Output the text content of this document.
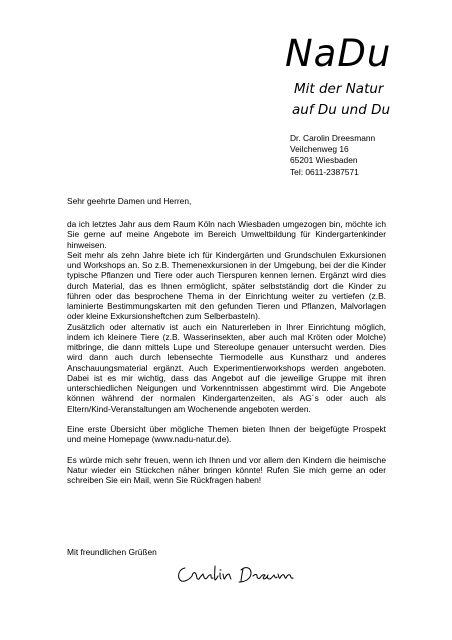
NaDu
Mit der Natur
auf Du und Du
Dr. Carolin Dreesmann
Veilchenweg 16
65201 Wiesbaden
Tel: 0611-2387571
Sehr geehrte Damen und Herren,

da ich letztes Jahr aus dem Raum Köln nach Wiesbaden umgezogen bin, möchte ich Sie gerne auf meine Angebote im Bereich Umweltbildung für Kindergartenkinder hinweisen.

Seit mehr als zehn Jahre biete ich für Kindergärten und Grundschulen Exkursionen und Workshops an. So z.B. Themenexkursionen in der Umgebung, bei der die Kinder typische Pflanzen und Tiere oder auch Tierspuren kennen lernen. Ergänzt wird dies durch Material, das es Ihnen ermöglicht, später selbstständig dort die Kinder zu führen oder das besprochene Thema in der Einrichtung weiter zu vertiefen (z.B. laminierte Bestimmungskarten mit den gefunden Tieren und Pflanzen, Malvorlagen oder kleine Exkursionsheftchen zum Selberbasteln).

Zusätzlich oder alternativ ist auch ein Naturerleben in Ihrer Einrichtung möglich, indem ich kleinere Tiere (z.B. Wasserinsekten, aber auch mal Kröten oder Molche) mitbringe, die dann mittels Lupe und Stereolupe genauer untersucht werden. Dies wird dann auch durch lebensechte Tiermodelle aus Kunstharz und anderes Anschauungsmaterial ergänzt. Auch Experimentierworkshops werden angeboten. Dabei ist es mir wichtig, dass das Angebot auf die jeweilige Gruppe mit ihren unterschiedlichen Neigungen und Vorkenntnissen abgestimmt wird. Die Angebote können während der normalen Kindergartenzeiten, als AG´s oder auch als Eltern/Kind-Veranstaltungen am Wochenende angeboten werden.

Eine erste Übersicht über mögliche Themen bieten Ihnen der beigefügte Prospekt und meine Homepage (www.nadu-natur.de).

Es würde mich sehr freuen, wenn ich Ihnen und vor allem den Kindern die heimische Natur wieder ein Stückchen näher bringen könnte! Rufen Sie mich gerne an oder schreiben Sie ein Mail, wenn Sie Rückfragen haben!

Mit freundlichen Grüßen
